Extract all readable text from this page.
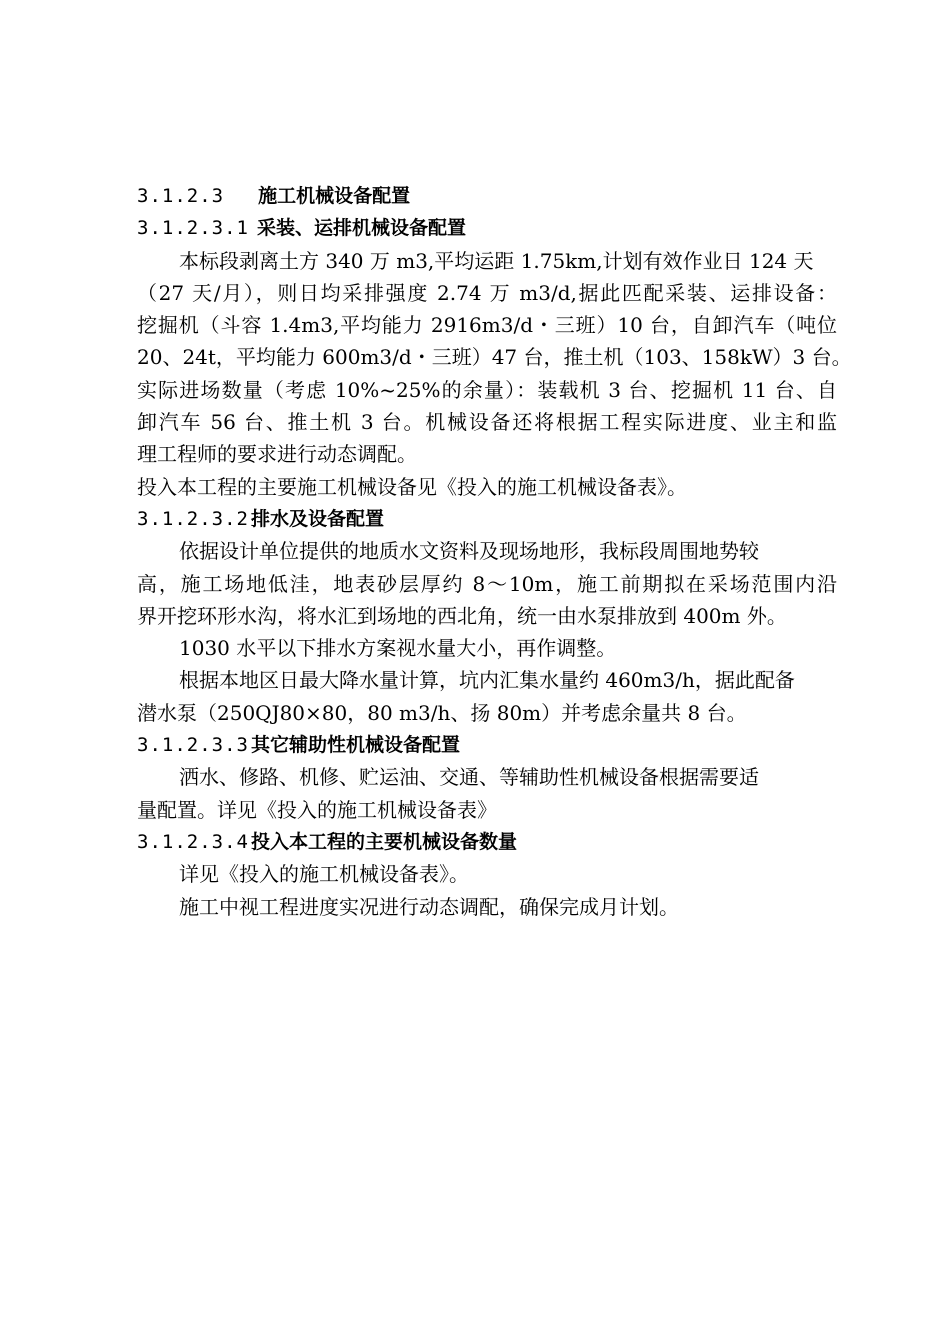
3.1.2.3 施工机械设备配置
3.1.2.3.1 采装、运排机械设备配置
本标段剥离土方 340 万 m3,平均运距 1.75km,计划有效作业日 124 天
（27 天/月），则日均采排强度 2.74 万 m3/d,据此匹配采装、运排设备：
挖掘机（斗容 1.4m3,平均能力 2916m3/d・三班）10 台，自卸汽车（吨位
20、24t，平均能力 600m3/d・三班）47 台，推土机（103、158kW）3 台。
实际进场数量（考虑 10%~25%的余量）：装载机 3 台、挖掘机 11 台、自
卸汽车 56 台、推土机 3 台。机械设备还将根据工程实际进度、业主和监
理工程师的要求进行动态调配。
投入本工程的主要施工机械设备见《投入的施工机械设备表》。
3.1.2.3.2 排水及设备配置
依据设计单位提供的地质水文资料及现场地形，我标段周围地势较
高，施工场地低洼，地表砂层厚约 8～10m，施工前期拟在采场范围内沿
界开挖环形水沟，将水汇到场地的西北角，统一由水泵排放到 400m 外。
1030 水平以下排水方案视水量大小，再作调整。
根据本地区日最大降水量计算，坑内汇集水量约 460m3/h，据此配备
潜水泵（250QJ80×80，80 m3/h、扬 80m）并考虑余量共 8 台。
3.1.2.3.3 其它辅助性机械设备配置
洒水、修路、机修、贮运油、交通、等辅助性机械设备根据需要适
量配置。详见《投入的施工机械设备表》
3.1.2.3.4 投入本工程的主要机械设备数量
详见《投入的施工机械设备表》。
施工中视工程进度实况进行动态调配，确保完成月计划。
